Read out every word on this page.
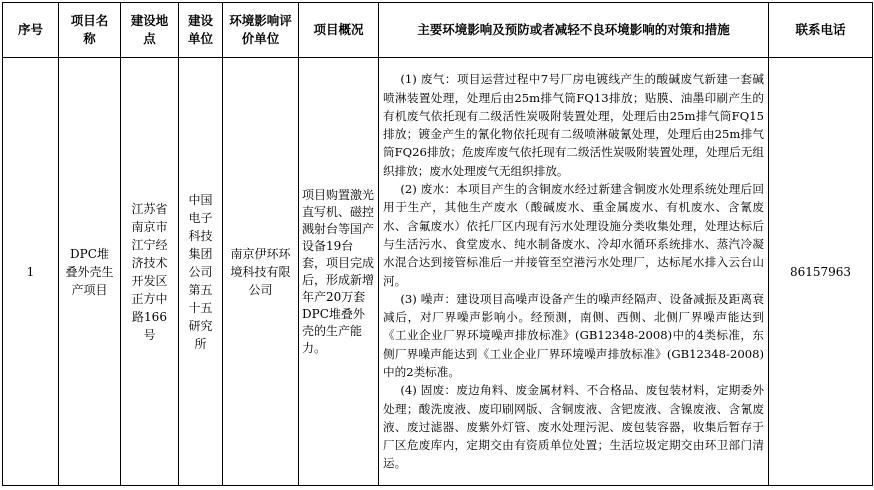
序号	项目名称	建设地点	建设单位	环境影响评价单位	项目概况	主要环境影响及预防或者减轻不良环境影响的对策和措施	联系电话
1	DPC堆叠外壳生产项目	江苏省南京市江宁经济技术开发区正方中路166号	中国电子科技集团公司第五十五研究所	南京伊环环境科技有限公司	项目购置激光直写机、磁控溅射台等国产设备19台套，项目完成后，形成新增年产20万套DPC堆叠外壳的生产能力。	(1) 废气：项目运营过程中7号厂房电镀线产生的酸碱废气新建一套碱喷淋装置处理，处理后由25m排气筒FQ13排放；贴膜、油墨印刷产生的有机废气依托现有二级活性炭吸附装置处理，处理后由25m排气筒FQ15排放；镀金产生的氰化物依托现有二级喷淋破氰处理，处理后由25m排气筒FQ26排放；危废库废气依托现有二级活性炭吸附装置处理，处理后无组织排放；废水处理废气无组织排放。

(2) 废水：本项目产生的含铜废水经过新建含铜废水处理系统处理后回用于生产，其他生产废水（酸碱废水、重金属废水、有机废水、含氰废水、含氟废水）依托厂区内现有污水处理设施分类收集处理，处理达标后与生活污水、食堂废水、纯水制备废水、冷却水循环系统排水、蒸汽冷凝水混合达到接管标准后一并接管至空港污水处理厂，达标尾水排入云台山河。

(3) 噪声：建设项目高噪声设备产生的噪声经隔声、设备减振及距离衰减后，对厂界噪声影响小。经预测，南侧、西侧、北侧厂界噪声能达到《工业企业厂界环境噪声排放标准》(GB12348-2008)中的4类标准，东侧厂界噪声能达到《工业企业厂界环境噪声排放标准》(GB12348-2008)中的2类标准。

(4) 固废：废边角料、废金属材料、不合格品、废包装材料，定期委外处理；酸洗废液、废印刷网版、含铜废液、含钯废液、含镍废液、含氰废液、废过滤器、废紫外灯管、废水处理污泥、废包装容器，收集后暂存于厂区危废库内，定期交由有资质单位处置；生活垃圾定期交由环卫部门清运。	86157963
